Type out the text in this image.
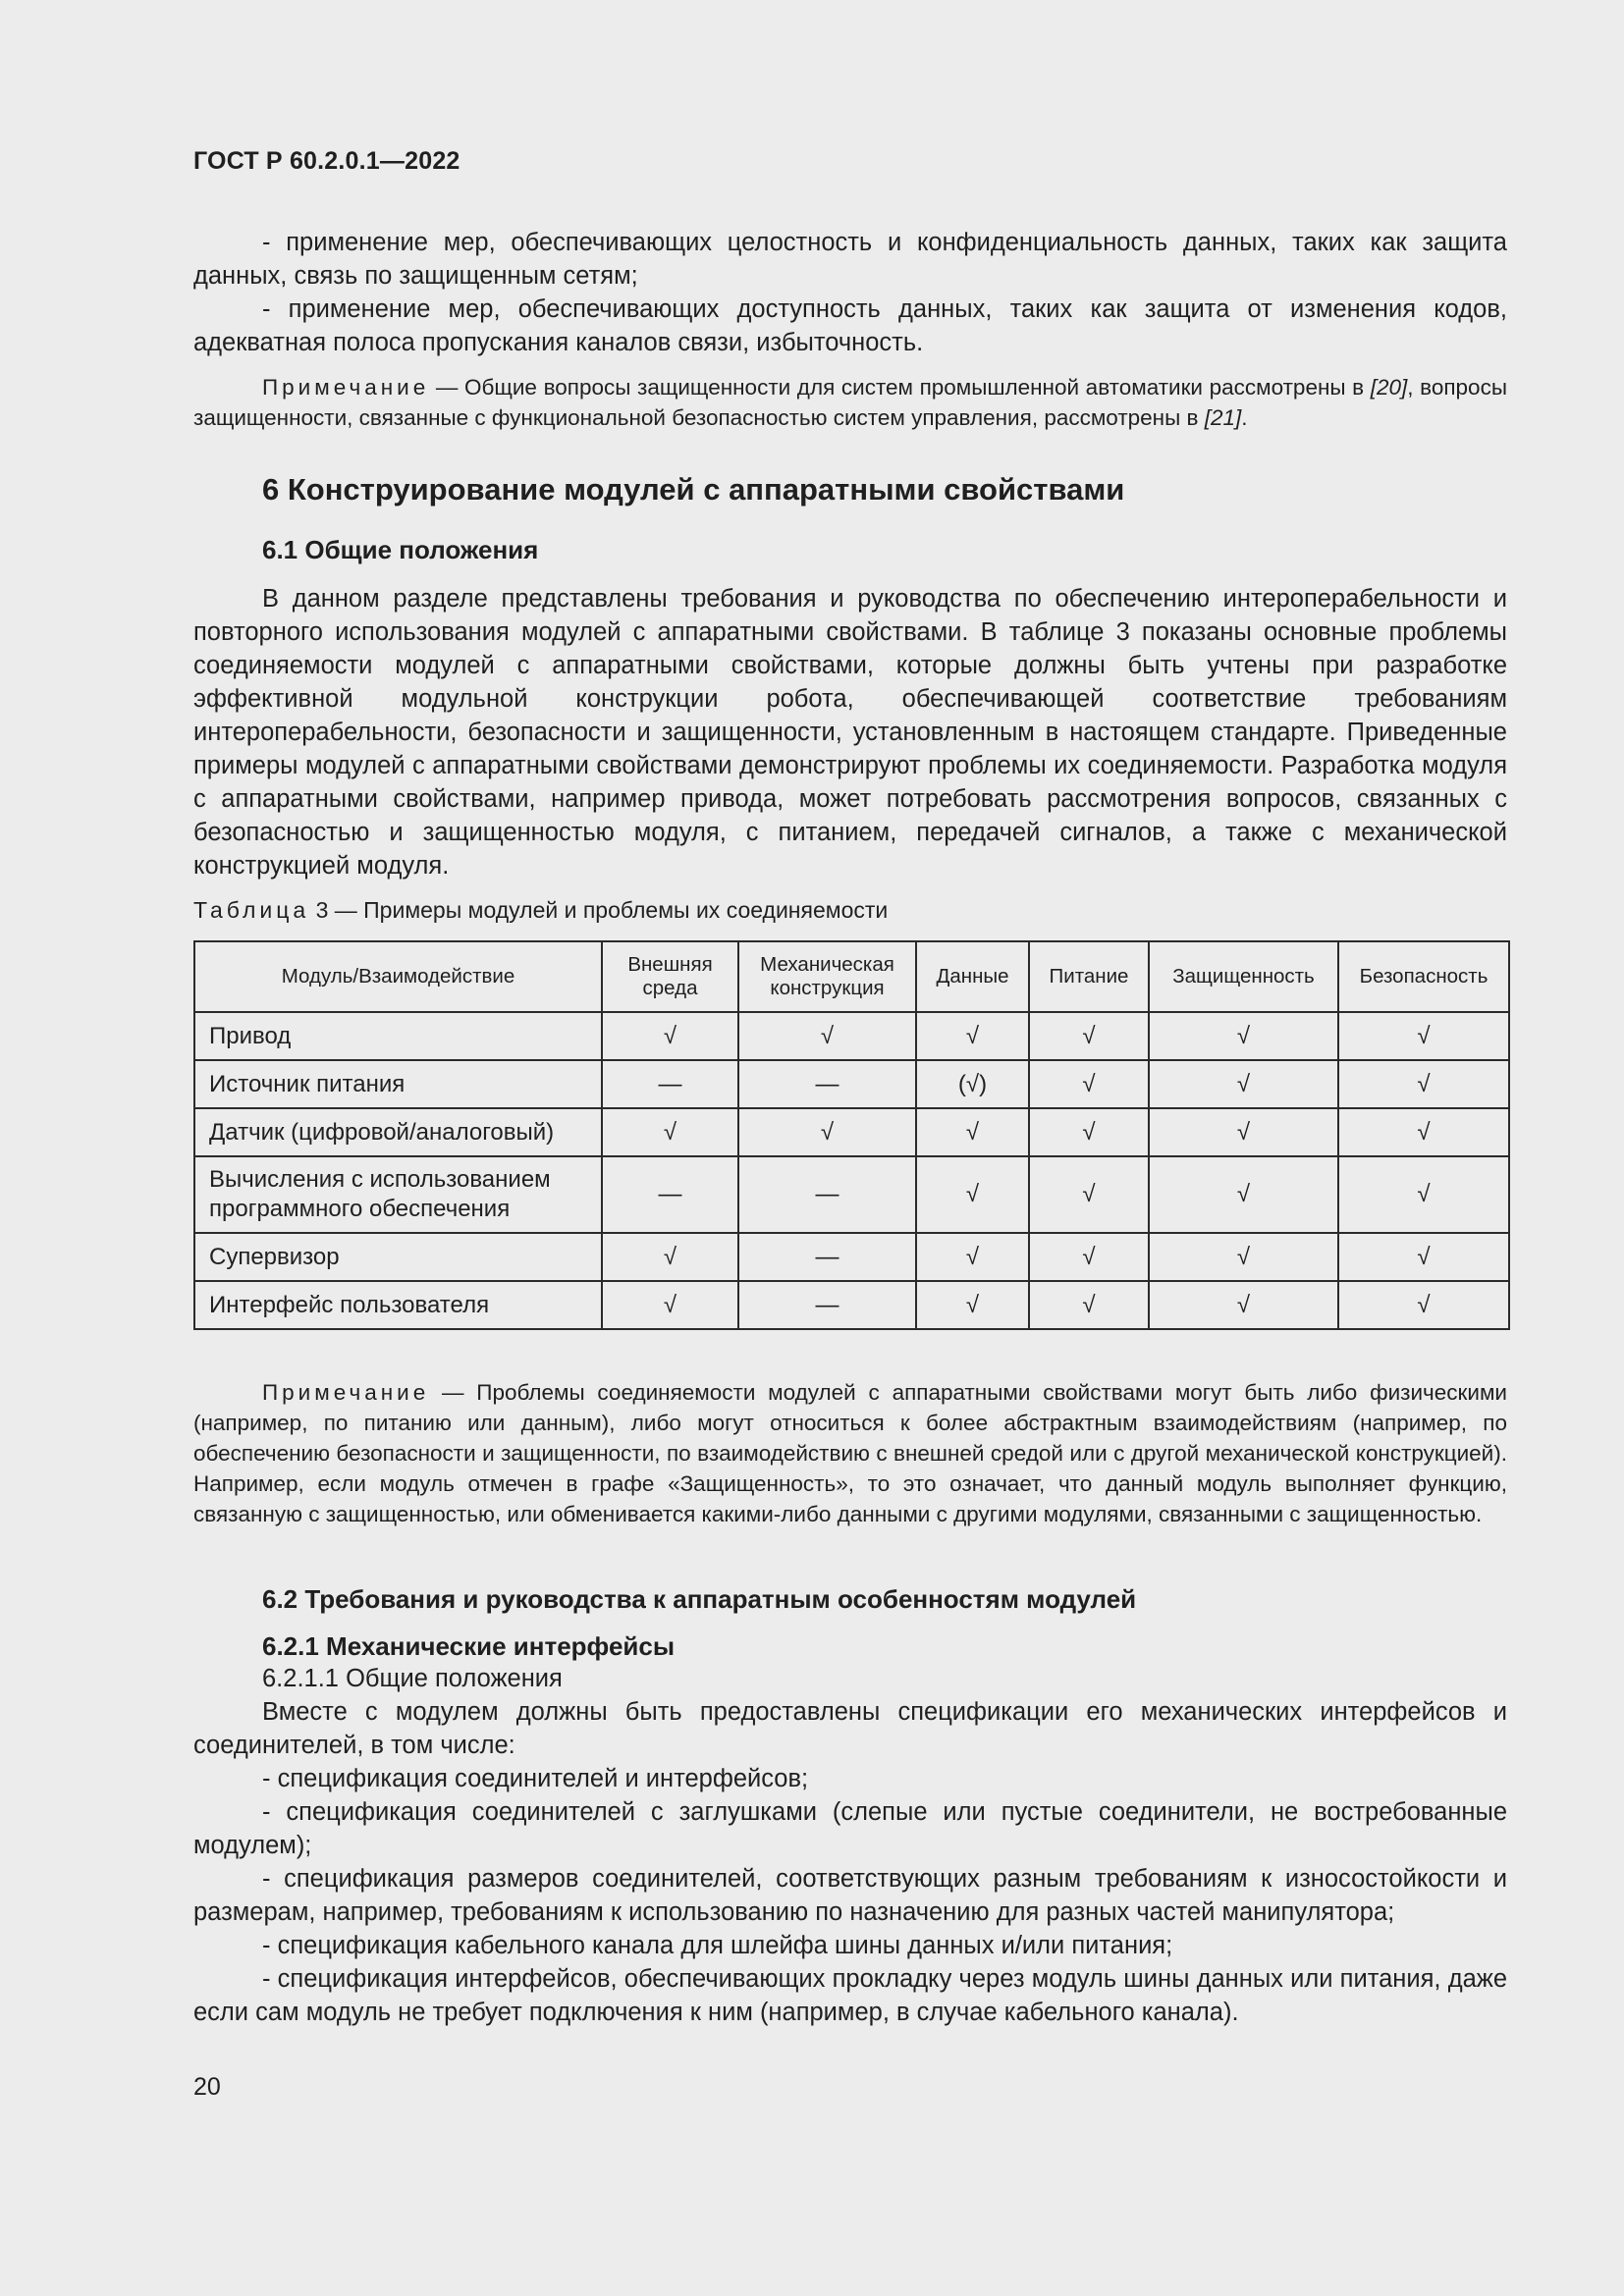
ГОСТ Р 60.2.0.1—2022

- применение мер, обеспечивающих целостность и конфиденциальность данных, таких как защита данных, связь по защищенным сетям;

- применение мер, обеспечивающих доступность данных, таких как защита от изменения кодов, адекватная полоса пропускания каналов связи, избыточность.

Примечание — Общие вопросы защищенности для систем промышленной автоматики рассмотрены в [20], вопросы защищенности, связанные с функциональной безопасностью систем управления, рассмотрены в [21].

6 Конструирование модулей с аппаратными свойствами
6.1 Общие положения

В данном разделе представлены требования и руководства по обеспечению интероперабельности и повторного использования модулей с аппаратными свойствами. В таблице 3 показаны основные проблемы соединяемости модулей с аппаратными свойствами, которые должны быть учтены при разработке эффективной модульной конструкции робота, обеспечивающей соответствие требованиям интероперабельности, безопасности и защищенности, установленным в настоящем стандарте. Приведенные примеры модулей с аппаратными свойствами демонстрируют проблемы их соединяемости. Разработка модуля с аппаратными свойствами, например привода, может потребовать рассмотрения вопросов, связанных с безопасностью и защищенностью модуля, с питанием, передачей сигналов, а также с механической конструкцией модуля.

Таблица 3 — Примеры модулей и проблемы их соединяемости
Модуль/Взаимодействие	Внешняя среда	Механическая конструкция	Данные	Питание	Защищенность	Безопасность
Привод	√	√	√	√	√	√
Источник питания	—	—	(√)	√	√	√
Датчик (цифровой/аналоговый)	√	√	√	√	√	√
Вычисления с использованием программного обеспечения	—	—	√	√	√	√
Супервизор	√	—	√	√	√	√
Интерфейс пользователя	√	—	√	√	√	√

Примечание — Проблемы соединяемости модулей с аппаратными свойствами могут быть либо физическими (например, по питанию или данным), либо могут относиться к более абстрактным взаимодействиям (например, по обеспечению безопасности и защищенности, по взаимодействию с внешней средой или с другой механической конструкцией). Например, если модуль отмечен в графе «Защищенность», то это означает, что данный модуль выполняет функцию, связанную с защищенностью, или обменивается какими-либо данными с другими модулями, связанными с защищенностью.

6.2 Требования и руководства к аппаратным особенностям модулей
6.2.1 Механические интерфейсы

6.2.1.1 Общие положения

Вместе с модулем должны быть предоставлены спецификации его механических интерфейсов и соединителей, в том числе:

- спецификация соединителей и интерфейсов;

- спецификация соединителей с заглушками (слепые или пустые соединители, не востребованные модулем);

- спецификация размеров соединителей, соответствующих разным требованиям к износостойкости и размерам, например, требованиям к использованию по назначению для разных частей манипулятора;

- спецификация кабельного канала для шлейфа шины данных и/или питания;

- спецификация интерфейсов, обеспечивающих прокладку через модуль шины данных или питания, даже если сам модуль не требует подключения к ним (например, в случае кабельного канала).

20
